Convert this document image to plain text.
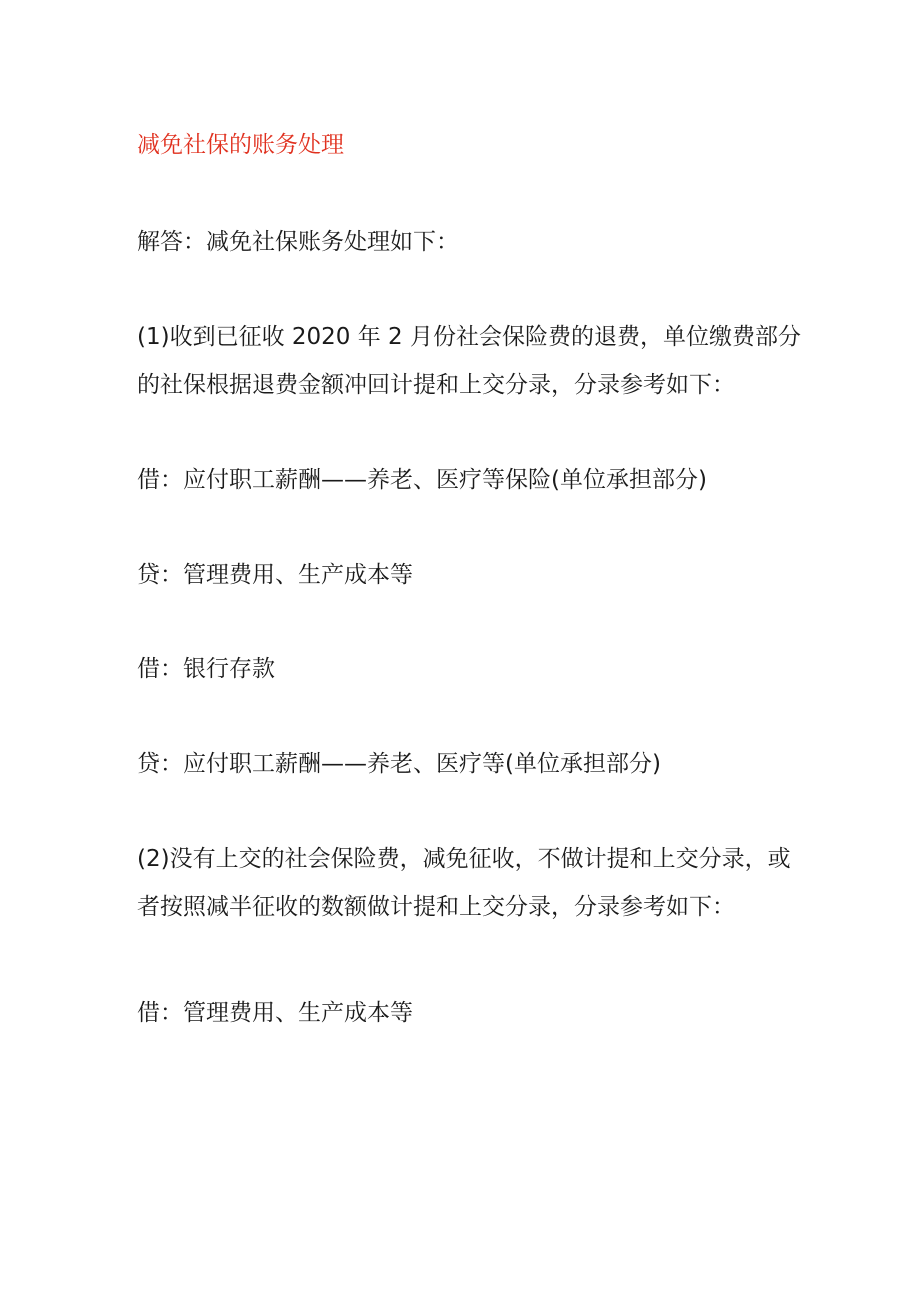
减免社保的账务处理

解答：减免社保账务处理如下：

(1)收到已征收 2020 年 2 月份社会保险费的退费，单位缴费部分
的社保根据退费金额冲回计提和上交分录，分录参考如下：

借：应付职工薪酬——养老、医疗等保险(单位承担部分)

贷：管理费用、生产成本等

借：银行存款

贷：应付职工薪酬——养老、医疗等(单位承担部分)

(2)没有上交的社会保险费，减免征收，不做计提和上交分录，或
者按照减半征收的数额做计提和上交分录，分录参考如下：

借：管理费用、生产成本等
